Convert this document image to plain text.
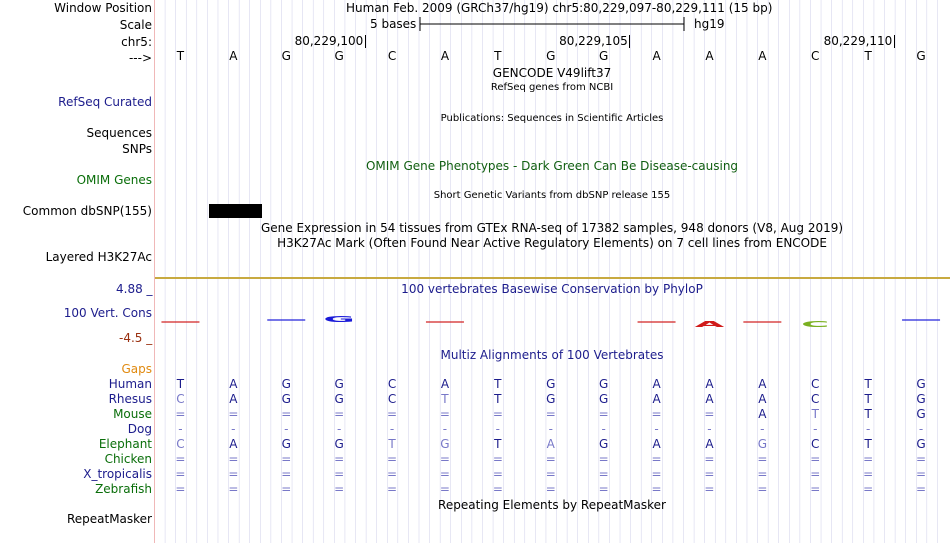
Window Position
Scale
chr5:
--->
RefSeq Curated
Sequences
SNPs
OMIM Genes
Common dbSNP(155)
Layered H3K27Ac
100 Vert. Cons
Gaps
RepeatMasker
4.88 _
-4.5 _
Human Feb. 2009 (GRCh37/hg19) chr5:80,229,097-80,229,111 (15 bp)
5 bases	hg19
80,229,100	80,229,105	80,229,110
T	A	G	G	C	A	T	G	G	A	A	A	C	T	G
GENCODE V49lift37
RefSeq genes from NCBI
Publications: Sequences in Scientific Articles
OMIM Gene Phenotypes - Dark Green Can Be Disease-causing
Short Genetic Variants from dbSNP release 155
Gene Expression in 54 tissues from GTEx RNA-seq of 17382 samples, 948 donors (V8, Aug 2019)
H3K27Ac Mark (Often Found Near Active Regulatory Elements) on 7 cell lines from ENCODE
100 vertebrates Basewise Conservation by PhyloP
G
A	C
Multiz Alignments of 100 Vertebrates
Human	T	A	G	G	C	A	T	G	G	A	A	A	C	T	G
Rhesus	C	A	G	G	C	T	T	G	G	A	A	A	C	T	G
Mouse	=	=	=	=	=	=	=	=	=	=	=	A	T	T	G
Dog	-	-	-	-	-	-	-	-	-	-	-	-	-	-	-
Elephant	C	A	G	G	T	G	T	A	G	A	A	G	C	T	G
Chicken	=	=	=	=	=	=	=	=	=	=	=	=	=	=	=
X_tropicalis	=	=	=	=	=	=	=	=	=	=	=	=	=	=	=
Zebrafish	=	=	=	=	=	=	=	=	=	=	=	=	=	=	=
Repeating Elements by RepeatMasker
